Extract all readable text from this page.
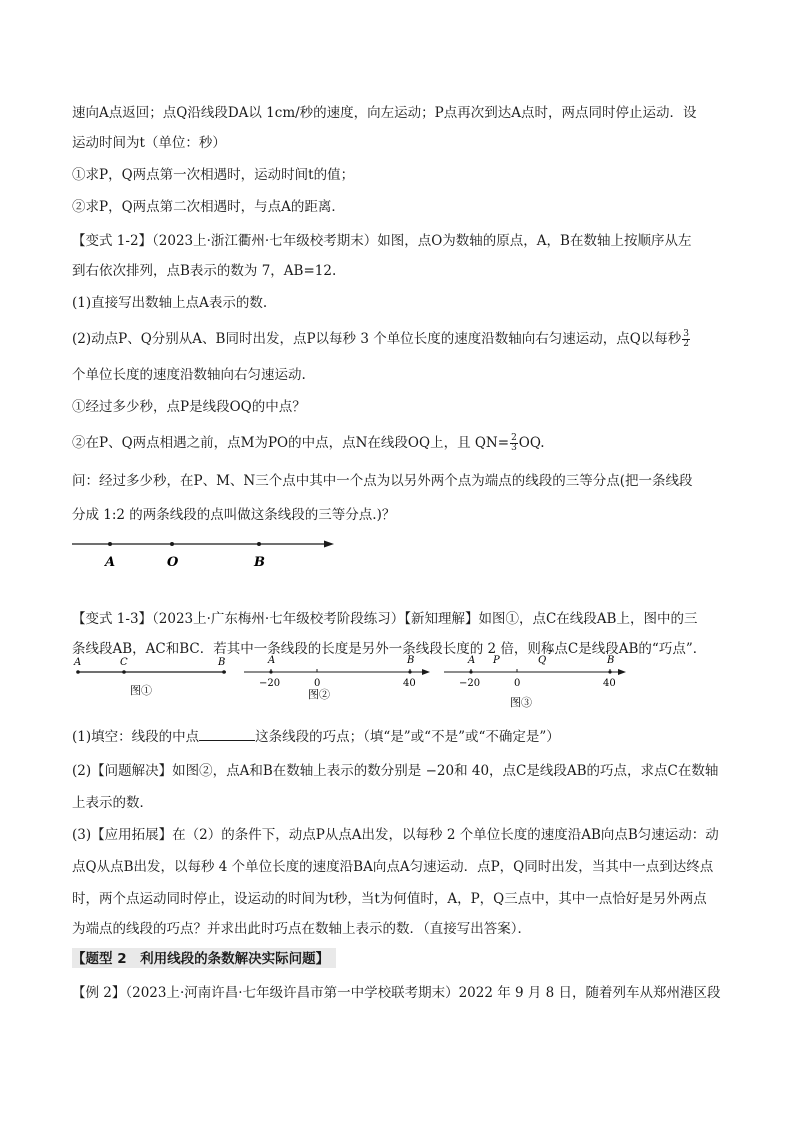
速向A点返回；点Q沿线段DA以 1cm/秒的速度，向左运动；P点再次到达A点时，两点同时停止运动．设
运动时间为t（单位：秒）
①求P，Q两点第一次相遇时，运动时间t的值；
②求P，Q两点第二次相遇时，与点A的距离．
【变式 1-2】（2023上·浙江衢州·七年级校考期末）如图，点O为数轴的原点，A，B在数轴上按顺序从左
到右依次排列，点B表示的数为 7，AB=12.
(1)直接写出数轴上点A表示的数.
(2)动点P、Q分别从A、B同时出发，点P以每秒 3 个单位长度的速度沿数轴向右匀速运动，点Q以每秒 $\frac{3}{2}$
个单位长度的速度沿数轴向右匀速运动.
①经过多少秒，点P是线段OQ的中点？
②在P、Q两点相遇之前，点M为PO的中点，点N在线段OQ上，且 $QN= \frac{2}{3}$ OQ.
问：经过多少秒，在P、M、N三个点中其中一个点为以另外两个点为端点的线段的三等分点(把一条线段
分成 1:2 的两条线段的点叫做这条线段的三等分点.)？
A	O	B
【变式 1-3】（2023上·广东梅州·七年级校考阶段练习）【新知理解】如图①，点C在线段AB上，图中的三
条线段AB，AC和BC．若其中一条线段的长度是另外一条线段长度的 2 倍，则称点C是线段AB的“巧点”．
A	C	B
图①
A	B
−20	0	40
图②
A P	Q	B
−20	0	40
图③
(1)填空：线段的中点	这条线段的巧点；（填“是”或“不是”或“不确定是”）
(2)【问题解决】如图②，点A和B在数轴上表示的数分别是 −20和 40，点C是线段AB的巧点，求点C在数轴
上表示的数．
(3)【应用拓展】在（2）的条件下，动点P从点A出发，以每秒 2 个单位长度的速度沿AB向点B匀速运动：动
点Q从点B出发，以每秒 4 个单位长度的速度沿BA向点A匀速运动．点P，Q同时出发，当其中一点到达终点
时，两个点运动同时停止，设运动的时间为t秒，当t为何值时，A，P，Q三点中，其中一点恰好是另外两点
为端点的线段的巧点？并求出此时巧点在数轴上表示的数．（直接写出答案）．
【题型 2　利用线段的条数解决实际问题】
【例 2】（2023上·河南许昌·七年级许昌市第一中学校联考期末）2022 年 9 月 8 日，随着列车从郑州港区段
